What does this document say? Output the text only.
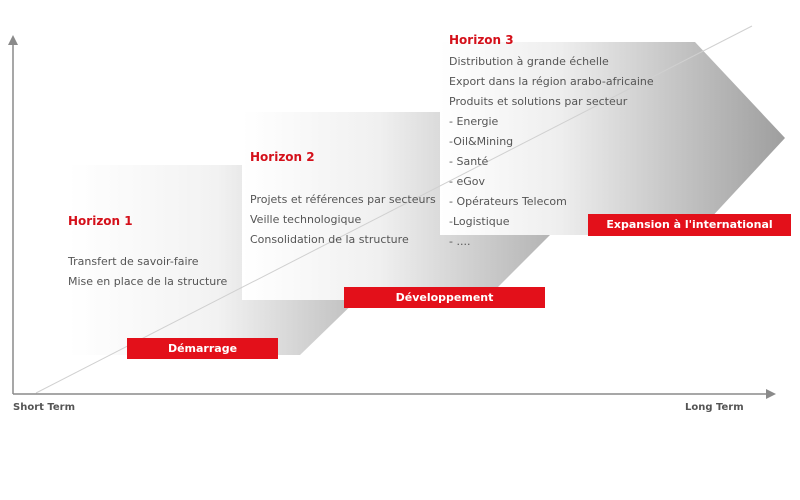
Horizon 1
Transfert de savoir-faire
Mise en place de la structure
Démarrage
Horizon 2
Projets et références par secteurs
Veille technologique
Consolidation de la structure
Développement
Horizon 3
Distribution à grande échelle
Export dans la région arabo-africaine
Produits et solutions par secteur
- Energie
-Oil&Mining
- Santé
- eGov
- Opérateurs Telecom
-Logistique
- ....
Expansion à l'international
Short Term	Long Term
